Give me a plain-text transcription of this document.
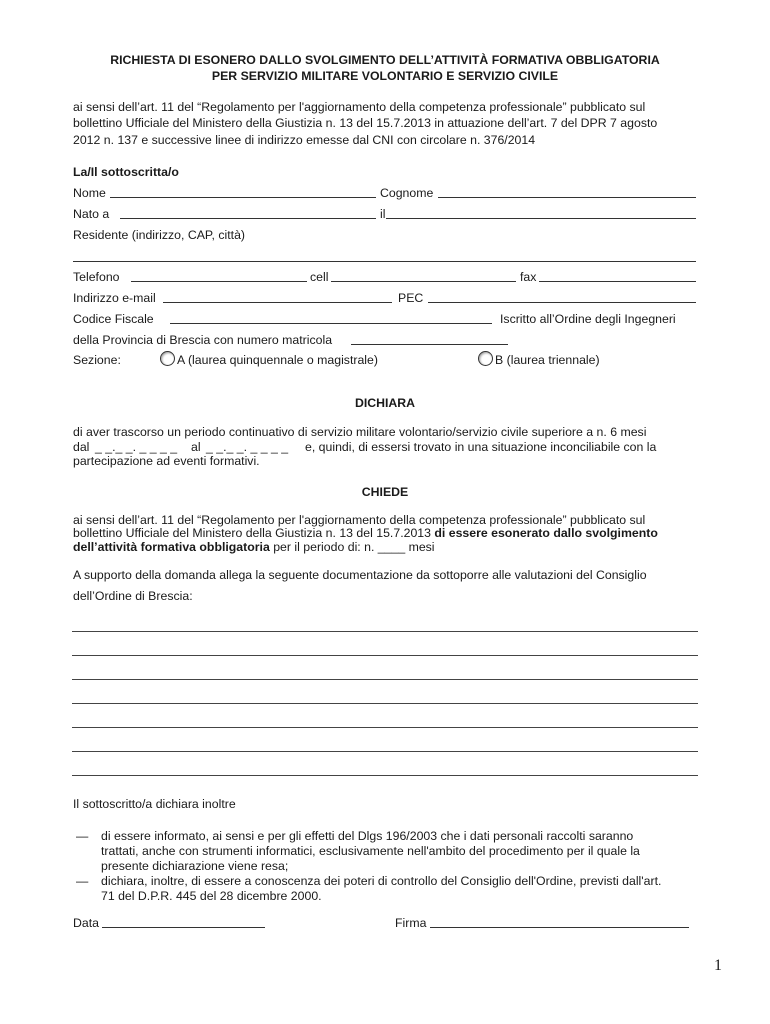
RICHIESTA DI ESONERO DALLO SVOLGIMENTO DELL’ATTIVITÀ FORMATIVA OBBLIGATORIA
PER SERVIZIO MILITARE VOLONTARIO E SERVIZIO CIVILE
ai sensi dell’art. 11 del “Regolamento per l'aggiornamento della competenza professionale” pubblicato sul
bollettino Ufficiale del Ministero della Giustizia n. 13 del 15.7.2013 in attuazione dell’art. 7 del DPR 7 agosto
2012 n. 137 e successive linee di indirizzo emesse dal CNI con circolare n. 376/2014
La/Il sottoscritta/o
Nome	Cognome
Nato a	il
Residente (indirizzo, CAP, città)
Telefono	cell	fax
Indirizzo e-mail	PEC
Codice Fiscale	Iscritto all’Ordine degli Ingegneri
della Provincia di Brescia con numero matricola
Sezione:	A (laurea quinquennale o magistrale)	B (laurea triennale)
DICHIARA
di aver trascorso un periodo continuativo di servizio militare volontario/servizio civile superiore a n. 6 mesi
dal _ _._ _. _ _ _ _ al _ _._ _. _ _ _ _ e, quindi, di essersi trovato in una situazione inconciliabile con la
partecipazione ad eventi formativi.
CHIEDE
ai sensi dell’art. 11 del “Regolamento per l'aggiornamento della competenza professionale” pubblicato sul
bollettino Ufficiale del Ministero della Giustizia n. 13 del 15.7.2013 di essere esonerato dallo svolgimento
dell’attività formativa obbligatoria per il periodo di: n. ____ mesi
A supporto della domanda allega la seguente documentazione da sottoporre alle valutazioni del Consiglio
dell’Ordine di Brescia:
Il sottoscritto/a dichiara inoltre
— di essere informato, ai sensi e per gli effetti del Dlgs 196/2003 che i dati personali raccolti saranno
trattati, anche con strumenti informatici, esclusivamente nell'ambito del procedimento per il quale la
presente dichiarazione viene resa;
— dichiara, inoltre, di essere a conoscenza dei poteri di controllo del Consiglio dell'Ordine, previsti dall'art.
71 del D.P.R. 445 del 28 dicembre 2000.
Data	Firma
1
